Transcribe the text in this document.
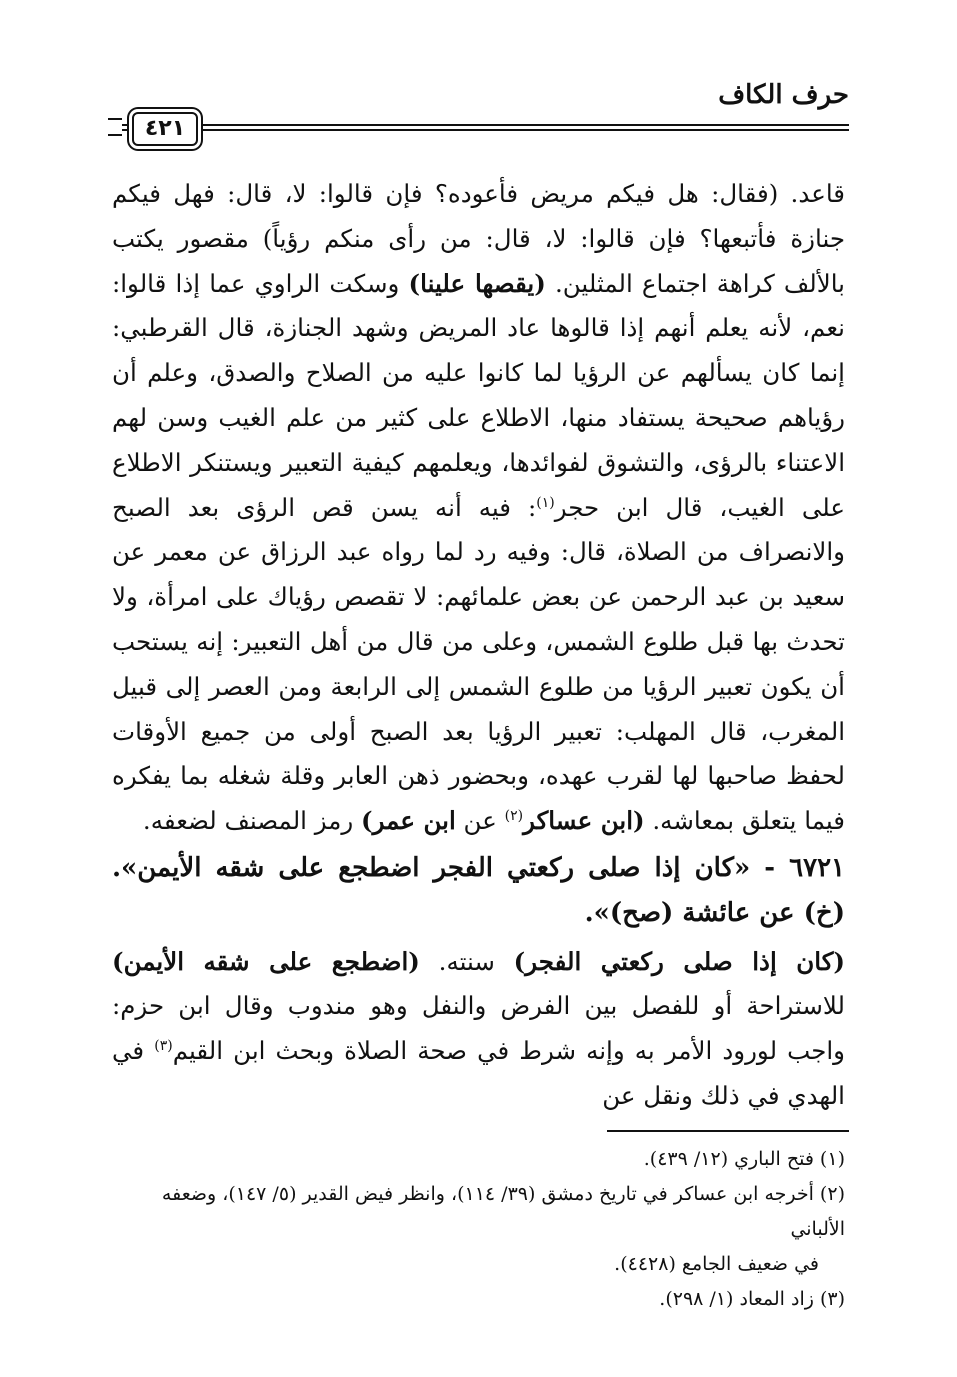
حرف الكاف
٤٢١

قاعد. (فقال: هل فيكم مريض فأعوده؟ فإن قالوا: لا، قال: فهل فيكم جنازة فأتبعها؟ فإن قالوا: لا، قال: من رأى منكم رؤياً) مقصور يكتب بالألف كراهة اجتماع المثلين. (يقصها علينا) وسكت الراوي عما إذا قالوا: نعم، لأنه يعلم أنهم إذا قالوها عاد المريض وشهد الجنازة، قال القرطبي: إنما كان يسألهم عن الرؤيا لما كانوا عليه من الصلاح والصدق، وعلم أن رؤياهم صحيحة يستفاد منها، الاطلاع على كثير من علم الغيب وسن لهم الاعتناء بالرؤى، والتشوق لفوائدها، ويعلمهم كيفية التعبير ويستنكر الاطلاع على الغيب، قال ابن حجر$^{(١)}$: فيه أنه يسن قص الرؤى بعد الصبح والانصراف من الصلاة، قال: وفيه رد لما رواه عبد الرزاق عن معمر عن سعيد بن عبد الرحمن عن بعض علمائهم: لا تقصص رؤياك على امرأة، ولا تحدث بها قبل طلوع الشمس، وعلى من قال من أهل التعبير: إنه يستحب أن يكون تعبير الرؤيا من طلوع الشمس إلى الرابعة ومن العصر إلى قبيل المغرب، قال المهلب: تعبير الرؤيا بعد الصبح أولى من جميع الأوقات لحفظ صاحبها لها لقرب عهده، وبحضور ذهن العابر وقلة شغله بما يفكره فيما يتعلق بمعاشه. (ابن عساكر$^{(٢)}$ عن ابن عمر) رمز المصنف لضعفه.

٦٧٢١ - «كان إذا صلى ركعتي الفجر اضطجع على شقه الأيمن». (خ) عن عائشة (صح)».

(كان إذا صلى ركعتي الفجر) سنته. (اضطجع على شقه الأيمن) للاستراحة أو للفصل بين الفرض والنفل وهو مندوب وقال ابن حزم: واجب لورود الأمر به وإنه شرط في صحة الصلاة وبحث ابن القيم$^{(٣)}$ في الهدي في ذلك ونقل عن

(١) فتح الباري (١٢/ ٤٣٩).
(٢) أخرجه ابن عساكر في تاريخ دمشق (٣٩/ ١١٤)، وانظر فيض القدير (٥/ ١٤٧)، وضعفه الألباني
في ضعيف الجامع (٤٤٢٨).
(٣) زاد المعاد (١/ ٢٩٨).
